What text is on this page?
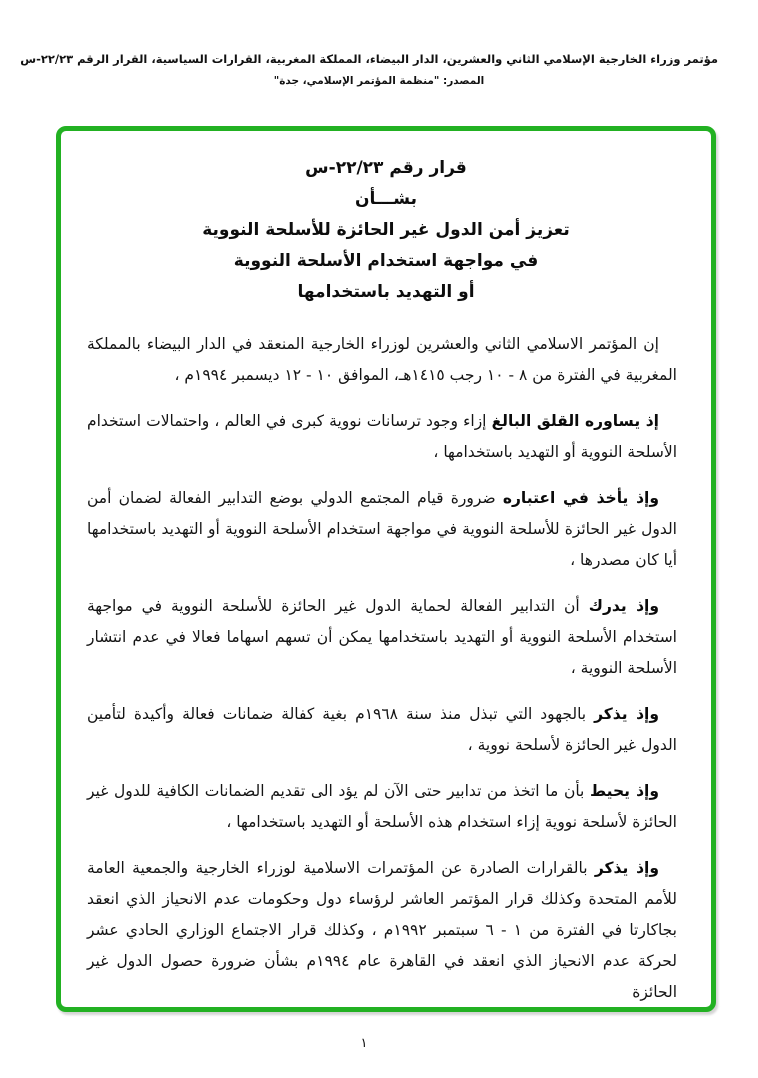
مؤتمر وزراء الخارجية الإسلامي الثاني والعشرين، الدار البيضاء، المملكة المغربية، القرارات السياسية، القرار الرقم ٢٢/٢٣-س
المصدر: "منظمة المؤتمر الإسلامي، جدة"
قرار رقم ٢٢/٢٣-س
بشـــأن
تعزيز أمن الدول غير الحائزة للأسلحة النووية
في مواجهة استخدام الأسلحة النووية
أو التهديد باستخدامها

إن المؤتمر الاسلامي الثاني والعشرين لوزراء الخارجية المنعقد في الدار البيضاء بالمملكة المغربية في الفترة من ٨ - ١٠ رجب ١٤١٥هـ، الموافق ١٠ - ١٢ ديسمبر ١٩٩٤م ،

إذ يساوره القلق البالغ إزاء وجود ترسانات نووية كبرى في العالم ، واحتمالات استخدام الأسلحة النووية أو التهديد باستخدامها ،

وإذ يأخذ في اعتباره ضرورة قيام المجتمع الدولي بوضع التدابير الفعالة لضمان أمن الدول غير الحائزة للأسلحة النووية في مواجهة استخدام الأسلحة النووية أو التهديد باستخدامها أيا كان مصدرها ،

وإذ يدرك أن التدابير الفعالة لحماية الدول غير الحائزة للأسلحة النووية في مواجهة استخدام الأسلحة النووية أو التهديد باستخدامها يمكن أن تسهم اسهاما فعالا في عدم انتشار الأسلحة النووية ،

وإذ يذكر بالجهود التي تبذل منذ سنة ١٩٦٨م بغية كفالة ضمانات فعالة وأكيدة لتأمين الدول غير الحائزة لأسلحة نووية ،

وإذ يحيط بأن ما اتخذ من تدابير حتى الآن لم يؤد الى تقديم الضمانات الكافية للدول غير الحائزة لأسلحة نووية إزاء استخدام هذه الأسلحة أو التهديد باستخدامها ،

وإذ يذكر بالقرارات الصادرة عن المؤتمرات الاسلامية لوزراء الخارجية والجمعية العامة للأمم المتحدة وكذلك قرار المؤتمر العاشر لرؤساء دول وحكومات عدم الانحياز الذي انعقد بجاكارتا في الفترة من ١ - ٦ سبتمبر ١٩٩٢م ، وكذلك قرار الاجتماع الوزاري الحادي عشر لحركة عدم الانحياز الذي انعقد في القاهرة عام ١٩٩٤م بشأن ضرورة حصول الدول غير الحائزة

١
